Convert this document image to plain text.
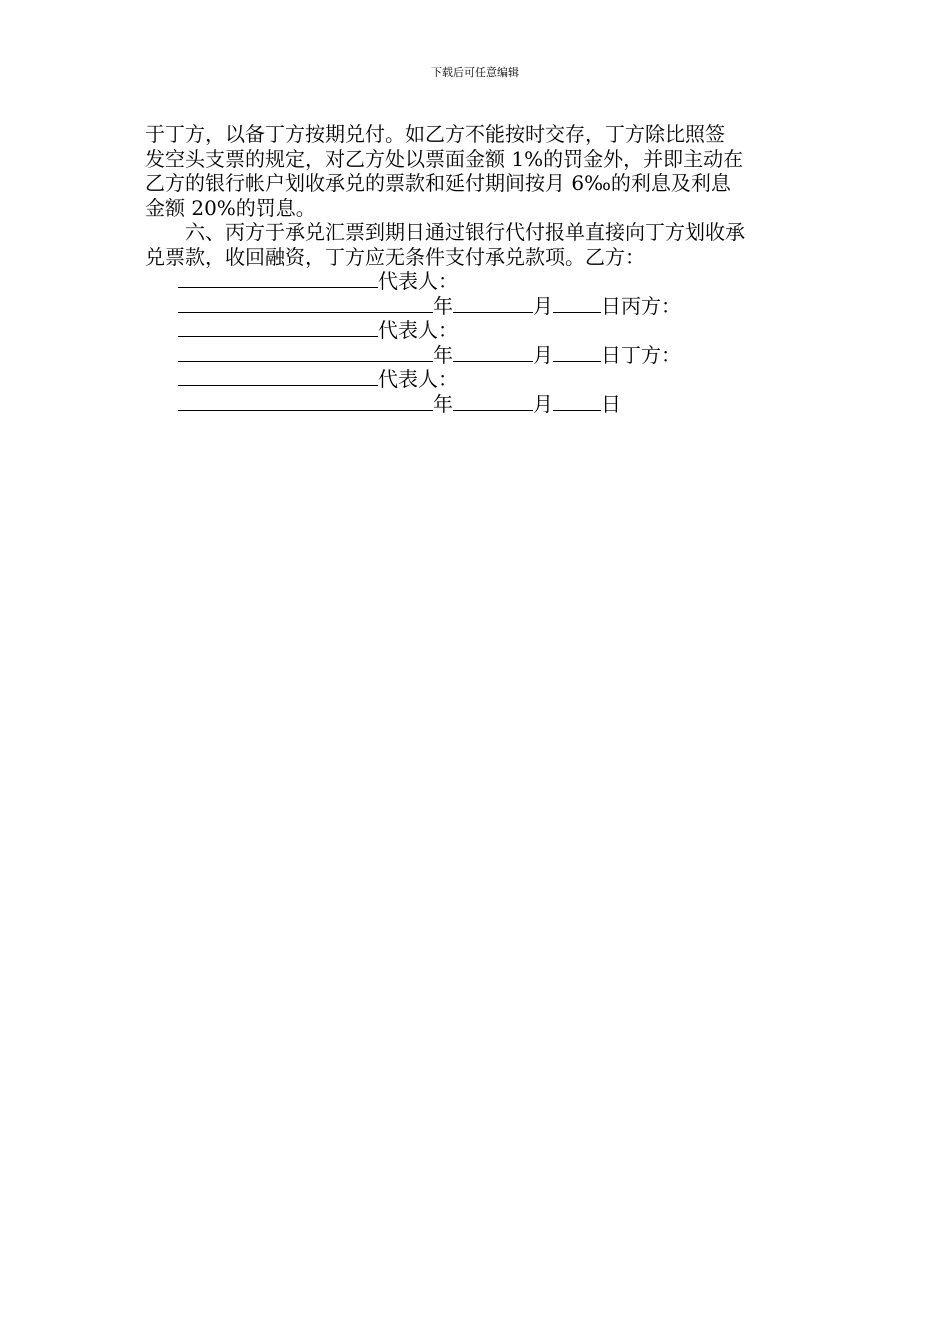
下载后可任意编辑
于丁方，以备丁方按期兑付。如乙方不能按时交存，丁方除比照签
发空头支票的规定，对乙方处以票面金额 1%的罚金外，并即主动在
乙方的银行帐户划收承兑的票款和延付期间按月 6‰的利息及利息
金额 20%的罚息。
六、丙方于承兑汇票到期日通过银行代付报单直接向丁方划收承
兑票款，收回融资，丁方应无条件支付承兑款项。乙方：
代表人：
年	月 日丙方：
代表人：
年	月 日丁方：
代表人：
年	月 日
